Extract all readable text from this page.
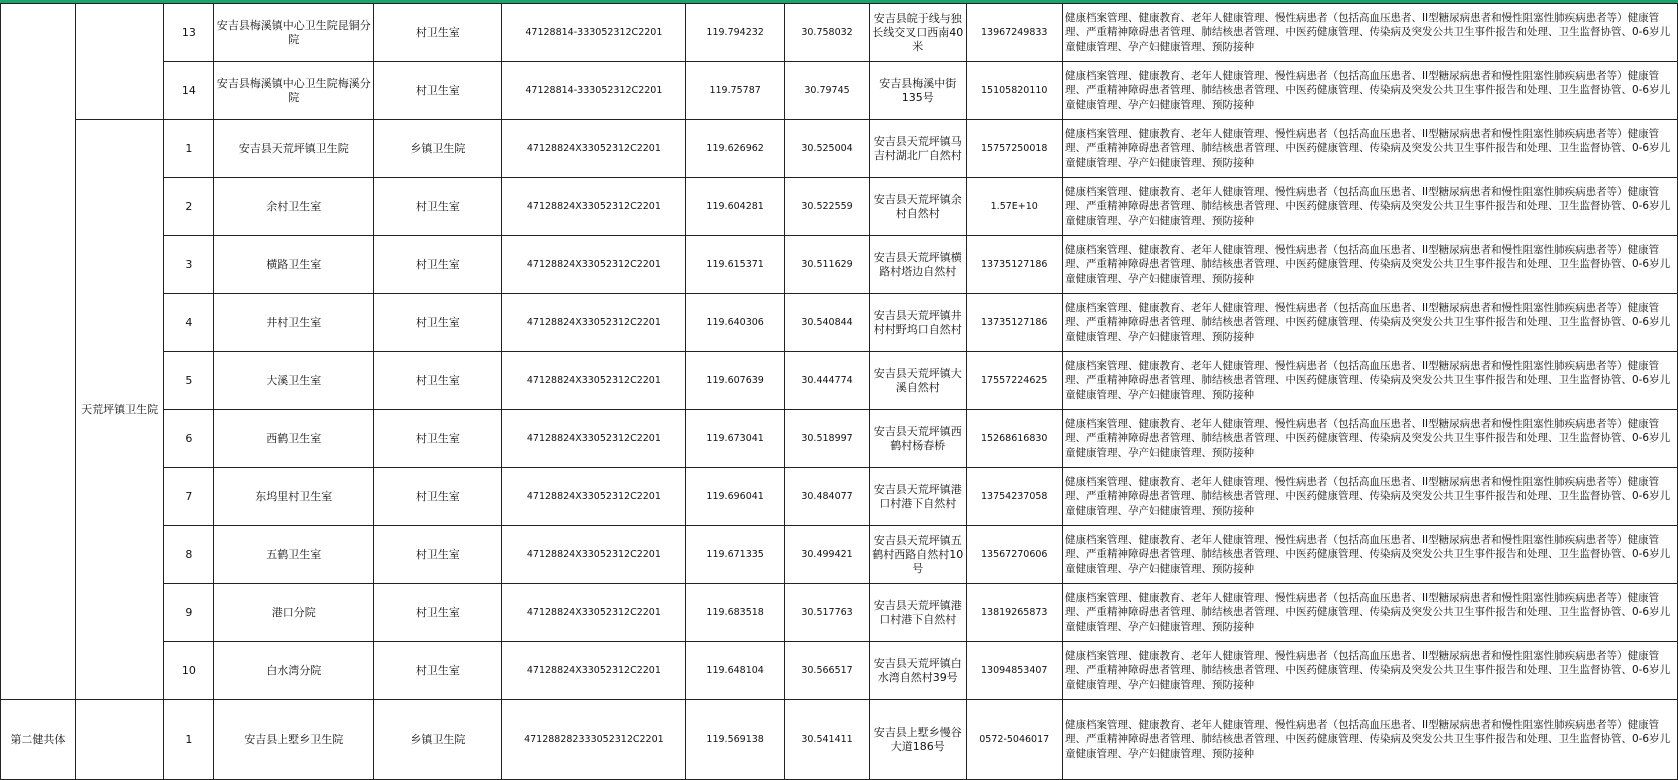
		13	安吉县梅溪镇中心卫生院昆铜分院	村卫生室	47128814-333052312C2201	119.794232	30.758032	安吉县皖于线与独长线交叉口西南40米	13967249833	健康档案管理、健康教育、老年人健康管理、慢性病患者（包括高血压患者、II型糖尿病患者和慢性阻塞性肺疾病患者等）健康管理、严重精神障碍患者管理、肺结核患者管理、中医药健康管理、传染病及突发公共卫生事件报告和处理、卫生监督协管、0-6岁儿童健康管理、孕产妇健康管理、预防接种
		14	安吉县梅溪镇中心卫生院梅溪分院	村卫生室	47128814-333052312C2201	119.75787	30.79745	安吉县梅溪中街135号	15105820110	健康档案管理、健康教育、老年人健康管理、慢性病患者（包括高血压患者、II型糖尿病患者和慢性阻塞性肺疾病患者等）健康管理、严重精神障碍患者管理、肺结核患者管理、中医药健康管理、传染病及突发公共卫生事件报告和处理、卫生监督协管、0-6岁儿童健康管理、孕产妇健康管理、预防接种
	天荒坪镇卫生院	1	安吉县天荒坪镇卫生院	乡镇卫生院	47128824X33052312C2201	119.626962	30.525004	安吉县天荒坪镇马吉村湖北厂自然村	15757250018	健康档案管理、健康教育、老年人健康管理、慢性病患者（包括高血压患者、II型糖尿病患者和慢性阻塞性肺疾病患者等）健康管理、严重精神障碍患者管理、肺结核患者管理、中医药健康管理、传染病及突发公共卫生事件报告和处理、卫生监督协管、0-6岁儿童健康管理、孕产妇健康管理、预防接种
		2	余村卫生室	村卫生室	47128824X33052312C2201	119.604281	30.522559	安吉县天荒坪镇余村自然村	1.57E+10	健康档案管理、健康教育、老年人健康管理、慢性病患者（包括高血压患者、II型糖尿病患者和慢性阻塞性肺疾病患者等）健康管理、严重精神障碍患者管理、肺结核患者管理、中医药健康管理、传染病及突发公共卫生事件报告和处理、卫生监督协管、0-6岁儿童健康管理、孕产妇健康管理、预防接种
		3	横路卫生室	村卫生室	47128824X33052312C2201	119.615371	30.511629	安吉县天荒坪镇横路村塔边自然村	13735127186	健康档案管理、健康教育、老年人健康管理、慢性病患者（包括高血压患者、II型糖尿病患者和慢性阻塞性肺疾病患者等）健康管理、严重精神障碍患者管理、肺结核患者管理、中医药健康管理、传染病及突发公共卫生事件报告和处理、卫生监督协管、0-6岁儿童健康管理、孕产妇健康管理、预防接种
		4	井村卫生室	村卫生室	47128824X33052312C2201	119.640306	30.540844	安吉县天荒坪镇井村村野坞口自然村	13735127186	健康档案管理、健康教育、老年人健康管理、慢性病患者（包括高血压患者、II型糖尿病患者和慢性阻塞性肺疾病患者等）健康管理、严重精神障碍患者管理、肺结核患者管理、中医药健康管理、传染病及突发公共卫生事件报告和处理、卫生监督协管、0-6岁儿童健康管理、孕产妇健康管理、预防接种
		5	大溪卫生室	村卫生室	47128824X33052312C2201	119.607639	30.444774	安吉县天荒坪镇大溪自然村	17557224625	健康档案管理、健康教育、老年人健康管理、慢性病患者（包括高血压患者、II型糖尿病患者和慢性阻塞性肺疾病患者等）健康管理、严重精神障碍患者管理、肺结核患者管理、中医药健康管理、传染病及突发公共卫生事件报告和处理、卫生监督协管、0-6岁儿童健康管理、孕产妇健康管理、预防接种
		6	西鹤卫生室	村卫生室	47128824X33052312C2201	119.673041	30.518997	安吉县天荒坪镇西鹤村杨春桥	15268616830	健康档案管理、健康教育、老年人健康管理、慢性病患者（包括高血压患者、II型糖尿病患者和慢性阻塞性肺疾病患者等）健康管理、严重精神障碍患者管理、肺结核患者管理、中医药健康管理、传染病及突发公共卫生事件报告和处理、卫生监督协管、0-6岁儿童健康管理、孕产妇健康管理、预防接种
		7	东坞里村卫生室	村卫生室	47128824X33052312C2201	119.696041	30.484077	安吉县天荒坪镇港口村港下自然村	13754237058	健康档案管理、健康教育、老年人健康管理、慢性病患者（包括高血压患者、II型糖尿病患者和慢性阻塞性肺疾病患者等）健康管理、严重精神障碍患者管理、肺结核患者管理、中医药健康管理、传染病及突发公共卫生事件报告和处理、卫生监督协管、0-6岁儿童健康管理、孕产妇健康管理、预防接种
		8	五鹤卫生室	村卫生室	47128824X33052312C2201	119.671335	30.499421	安吉县天荒坪镇五鹤村西路自然村10号	13567270606	健康档案管理、健康教育、老年人健康管理、慢性病患者（包括高血压患者、II型糖尿病患者和慢性阻塞性肺疾病患者等）健康管理、严重精神障碍患者管理、肺结核患者管理、中医药健康管理、传染病及突发公共卫生事件报告和处理、卫生监督协管、0-6岁儿童健康管理、孕产妇健康管理、预防接种
		9	港口分院	村卫生室	47128824X33052312C2201	119.683518	30.517763	安吉县天荒坪镇港口村港下自然村	13819265873	健康档案管理、健康教育、老年人健康管理、慢性病患者（包括高血压患者、II型糖尿病患者和慢性阻塞性肺疾病患者等）健康管理、严重精神障碍患者管理、肺结核患者管理、中医药健康管理、传染病及突发公共卫生事件报告和处理、卫生监督协管、0-6岁儿童健康管理、孕产妇健康管理、预防接种
		10	白水湾分院	村卫生室	47128824X33052312C2201	119.648104	30.566517	安吉县天荒坪镇白水湾自然村39号	13094853407	健康档案管理、健康教育、老年人健康管理、慢性病患者（包括高血压患者、II型糖尿病患者和慢性阻塞性肺疾病患者等）健康管理、严重精神障碍患者管理、肺结核患者管理、中医药健康管理、传染病及突发公共卫生事件报告和处理、卫生监督协管、0-6岁儿童健康管理、孕产妇健康管理、预防接种
第二健共体		1	安吉县上墅乡卫生院	乡镇卫生院	471288282333052312C2201	119.569138	30.541411	安吉县上墅乡慢谷大道186号	0572-5046017	健康档案管理、健康教育、老年人健康管理、慢性病患者（包括高血压患者、II型糖尿病患者和慢性阻塞性肺疾病患者等）健康管理、严重精神障碍患者管理、肺结核患者管理、中医药健康管理、传染病及突发公共卫生事件报告和处理、卫生监督协管、0-6岁儿童健康管理、孕产妇健康管理、预防接种
